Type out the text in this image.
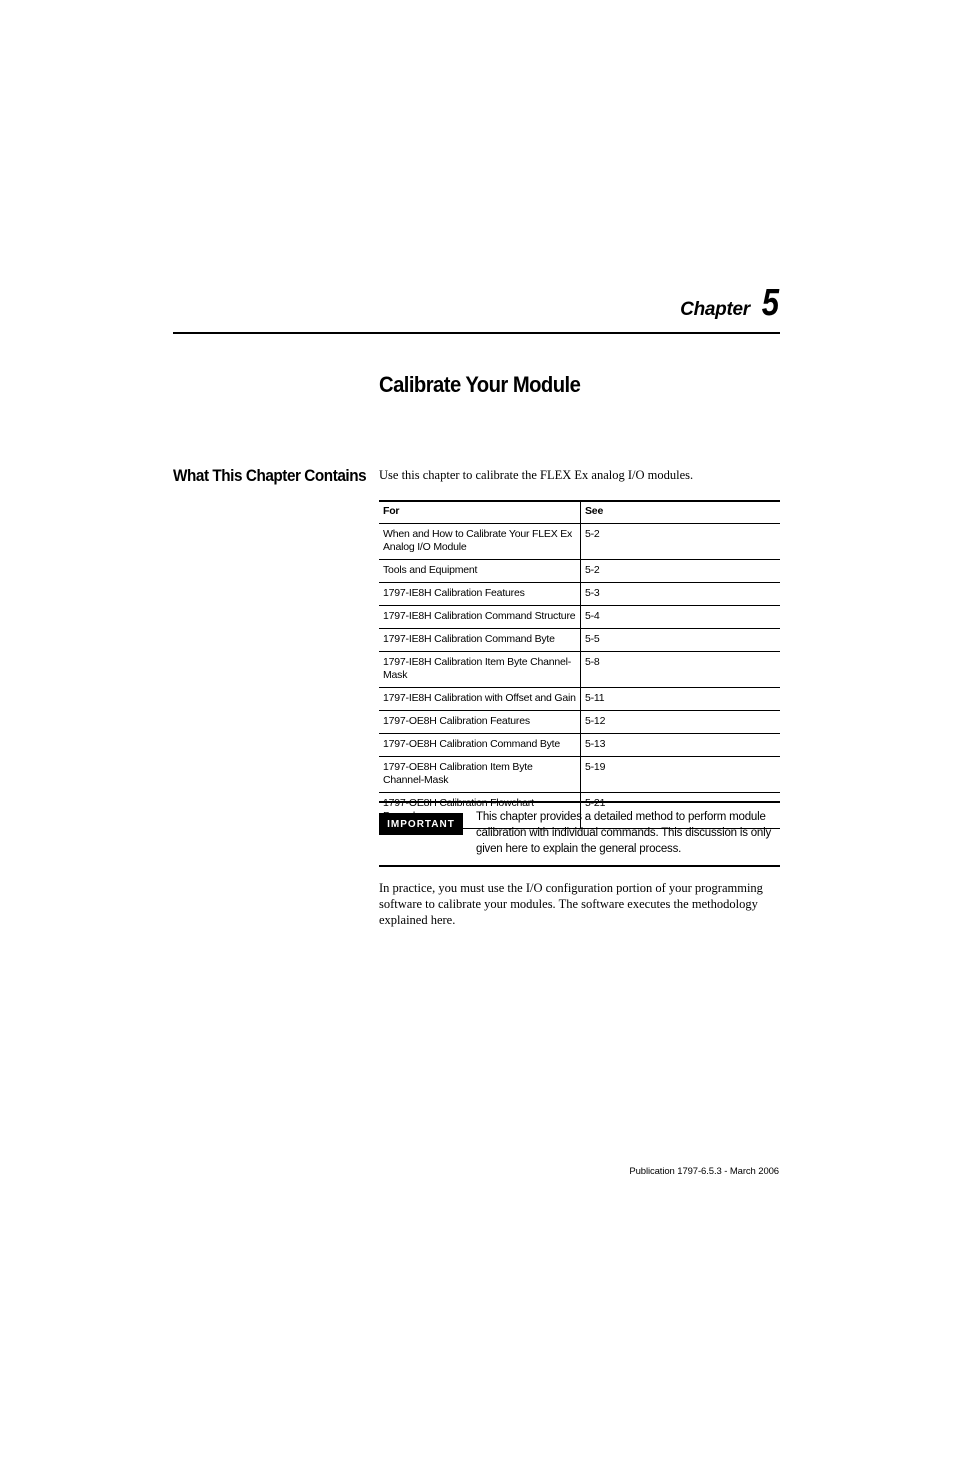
Chapter 5
Calibrate Your Module
What This Chapter Contains Use this chapter to calibrate the FLEX Ex analog I/O modules.

For	See
When and How to Calibrate Your FLEX Ex Analog I/O Module	5-2
Tools and Equipment	5-2
1797-IE8H Calibration Features	5-3
1797-IE8H Calibration Command Structure	5-4
1797-IE8H Calibration Command Byte	5-5
1797-IE8H Calibration Item Byte Channel-Mask	5-8
1797-IE8H Calibration with Offset and Gain	5-11
1797-OE8H Calibration Features	5-12
1797-OE8H Calibration Command Byte	5-13
1797-OE8H Calibration Item Byte Channel-Mask	5-19
1797-OE8H Calibration Flowchart	5-21
IMPORTANT

This chapter provides a detailed method to perform module calibration with individual commands. This discussion is only given here to explain the general process.

In practice, you must use the I/O configuration portion of your programming software to calibrate your modules. The software executes the methodology explained here.

Publication 1797-6.5.3 - March 2006
